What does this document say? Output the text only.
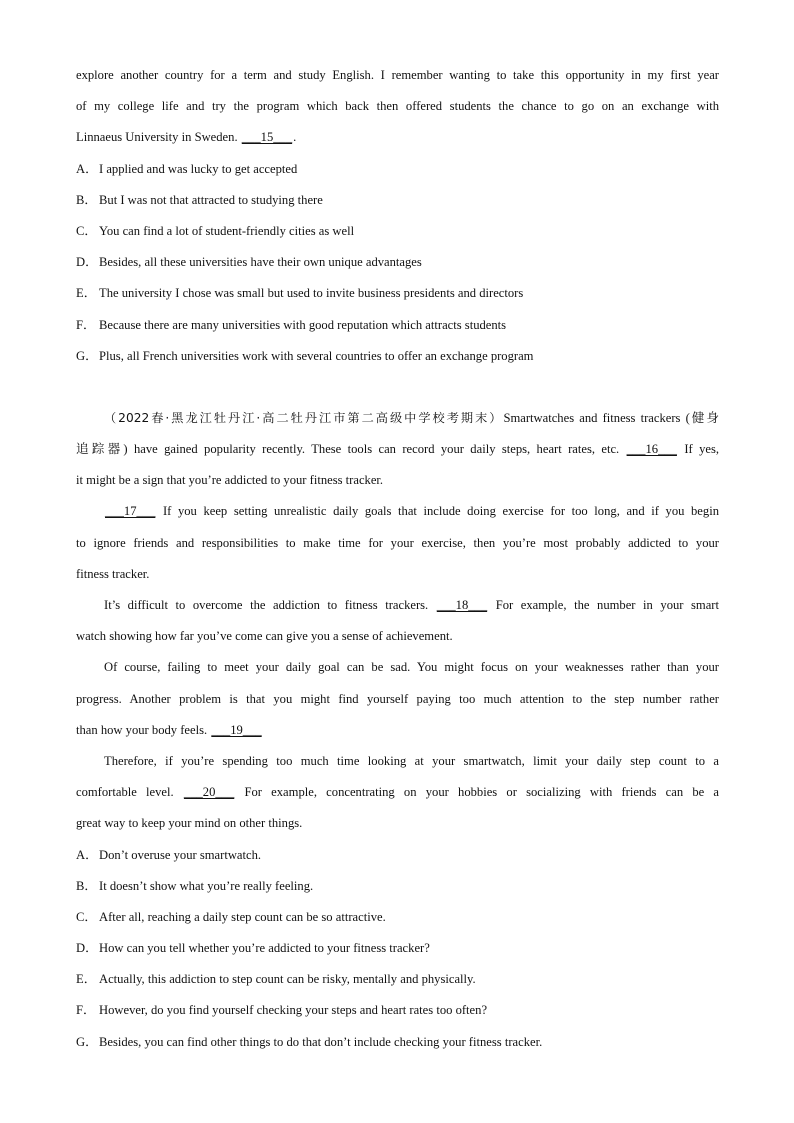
explore another country for a term and study English. I remember wanting to take this opportunity in my first year
of my college life and try the program which back then offered students the chance to go on an exchange with
Linnaeus University in Sweden. ___15___.
A．I applied and was lucky to get accepted
B． But I was not that attracted to studying there
C． You can find a lot of student-friendly cities as well
D．Besides, all these universities have their own unique advantages
E． The university I chose was small but used to invite business presidents and directors
F． Because there are many universities with good reputation which attracts students
G．Plus, all French universities work with several countries to offer an exchange program
（2022春·黑龙江牡丹江·高二牡丹江市第二高级中学校考期末）Smartwatches and fitness trackers (健身
追踪器) have gained popularity recently. These tools can record your daily steps, heart rates, etc. ___16___ If yes,
it might be a sign that you’re addicted to your fitness tracker.
___17___ If you keep setting unrealistic daily goals that include doing exercise for too long, and if you begin
to ignore friends and responsibilities to make time for your exercise, then you’re most probably addicted to your
fitness tracker.
It’s difficult to overcome the addiction to fitness trackers. ___18___ For example, the number in your smart
watch showing how far you’ve come can give you a sense of achievement.
Of course, failing to meet your daily goal can be sad. You might focus on your weaknesses rather than your
progress. Another problem is that you might find yourself paying too much attention to the step number rather
than how your body feels. ___19___
Therefore, if you’re spending too much time looking at your smartwatch, limit your daily step count to a
comfortable level. ___20___ For example, concentrating on your hobbies or socializing with friends can be a
great way to keep your mind on other things.
A．Don’t overuse your smartwatch.
B． It doesn’t show what you’re really feeling.
C． After all, reaching a daily step count can be so attractive.
D．How can you tell whether you’re addicted to your fitness tracker?
E． Actually, this addiction to step count can be risky, mentally and physically.
F． However, do you find yourself checking your steps and heart rates too often?
G．Besides, you can find other things to do that don’t include checking your fitness tracker.
